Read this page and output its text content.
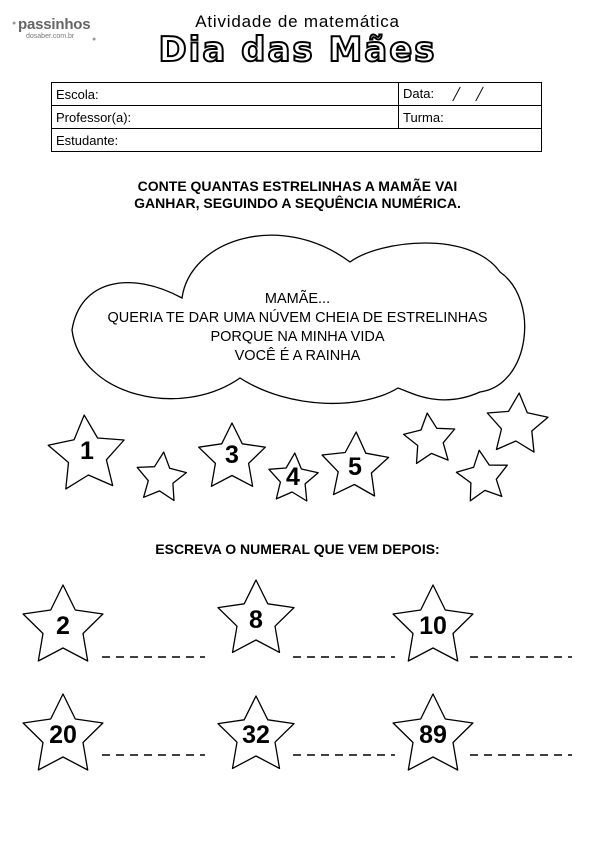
● passinhos
dosaber.com.br	●
Atividade de matemática
Dia das Mães
Escola:	Data:
Professor(a):	Turma:
Estudante:	
CONTE QUANTAS ESTRELINHAS A MAMÃE VAI
GANHAR, SEGUINDO A SEQUÊNCIA NUMÉRICA.
MAMÃE...
QUERIA TE DAR UMA NÚVEM CHEIA DE ESTRELINHAS
PORQUE NA MINHA VIDA
VOCÊ É A RAINHA
1	3
4	5
ESCREVA O NUMERAL QUE VEM DEPOIS:
2	8	10
20	32	89
